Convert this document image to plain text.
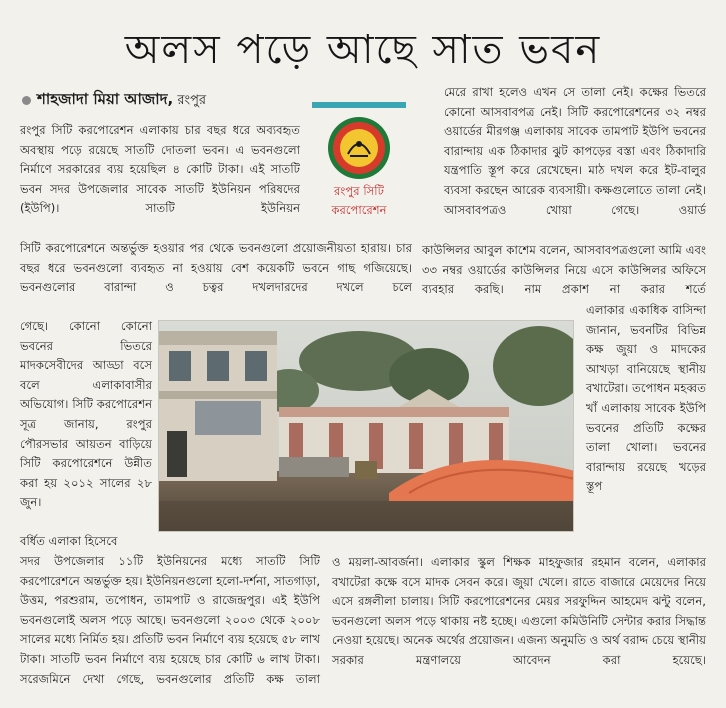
অলস পড়ে আছে সাত ভবন
শাহজাদা মিয়া আজাদ, রংপুর

রংপুর সিটি করপোরেশন এলাকায় চার বছর ধরে অব্যবহৃত অবস্থায় পড়ে রয়েছে সাতটি দোতলা ভবন। এ ভবনগুলো নির্মাণে সরকারের ব্যয় হয়েছিল ৪ কোটি টাকা। এই সাতটি ভবন সদর উপজেলার সাবেক সাতটি ইউনিয়ন পরিষদের (ইউপি)। সাতটি ইউনিয়ন

রংপুর সিটি
করপোরেশন

সিটি করপোরেশনে অন্তর্ভুক্ত হওয়ার পর থেকে ভবনগুলো প্রয়োজনীয়তা হারায়। চার বছর ধরে ভবনগুলো ব্যবহৃত না হওয়ায় বেশ কয়েকটি ভবনে গাছ গজিয়েছে। ভবনগুলোর বারান্দা ও চত্বর দখলদারদের দখলে চলে

গেছে। কোনো কোনো ভবনের ভিতরে মাদকসেবীদের আড্ডা বসে বলে এলাকাবাসীর অভিযোগ। সিটি করপোরেশন সূত্র জানায়, রংপুর পৌরসভার আয়তন বাড়িয়ে সিটি করপোরেশনে উন্নীত করা হয় ২০১২ সালের ২৮ জুন।

বর্ধিত এলাকা হিসেবে

সদর উপজেলার ১১টি ইউনিয়নের মধ্যে সাতটি সিটি করপোরেশনে অন্তর্ভুক্ত হয়। ইউনিয়নগুলো হলো-দর্শনা, সাতগাড়া, উত্তম, পরশুরাম, তপোধন, তামপাট ও রাজেন্দ্রপুর। এই ইউপি ভবনগুলোই অলস পড়ে আছে। ভবনগুলো ২০০৩ থেকে ২০০৮ সালের মধ্যে নির্মিত হয়। প্রতিটি ভবন নির্মাণে ব্যয় হয়েছে ৫৮ লাখ টাকা। সাতটি ভবন নির্মাণে ব্যয় হয়েছে চার কোটি ৬ লাখ টাকা। সরেজমিনে দেখা গেছে, ভবনগুলোর প্রতিটি কক্ষ তালা

মেরে রাখা হলেও এখন সে তালা নেই। কক্ষের ভিতরে কোনো আসবাবপত্র নেই। সিটি করপোরেশনের ৩২ নম্বর ওয়ার্ডের মীরগঞ্জ এলাকায় সাবেক তামপাট ইউপি ভবনের বারান্দায় এক ঠিকাদার ঝুট কাপড়ের বস্তা এবং ঠিকাদারি যন্ত্রপাতি স্তূপ করে রেখেছেন। মাঠ দখল করে ইট-বালুর ব্যবসা করছেন আরেক ব্যবসায়ী। কক্ষগুলোতে তালা নেই। আসবাবপত্রও খোয়া গেছে। ওয়ার্ড

কাউন্সিলর আবুল কাশেম বলেন, আসবাবপত্রগুলো আমি এবং ৩৩ নম্বর ওয়ার্ডের কাউন্সিলর নিয়ে এসে কাউন্সিলর অফিসে ব্যবহার করছি। নাম প্রকাশ না করার শর্তে

এলাকার একাধিক বাসিন্দা জানান, ভবনটির বিভিন্ন কক্ষ জুয়া ও মাদকের আখড়া বানিয়েছে স্থানীয় বখাটেরা। তপোধন মহব্বত খাঁ এলাকায় সাবেক ইউপি ভবনের প্রতিটি কক্ষের তালা খোলা। ভবনের বারান্দায় রয়েছে খড়ের স্তূপ

ও ময়লা-আবর্জনা। এলাকার স্কুল শিক্ষক মাহফুজার রহমান বলেন, এলাকার বখাটেরা কক্ষে বসে মাদক সেবন করে। জুয়া খেলে। রাতে বাজারে মেয়েদের নিয়ে এসে রঙ্গলীলা চালায়। সিটি করপোরেশনের মেয়র সরফুদ্দিন আহমেদ ঝন্টু বলেন, ভবনগুলো অলস পড়ে থাকায় নষ্ট হচ্ছে। এগুলো কমিউনিটি সেন্টার করার সিদ্ধান্ত নেওয়া হয়েছে। অনেক অর্থের প্রয়োজন। এজন্য অনুমতি ও অর্থ বরাদ্দ চেয়ে স্থানীয় সরকার মন্ত্রণালয়ে আবেদন করা হয়েছে।
